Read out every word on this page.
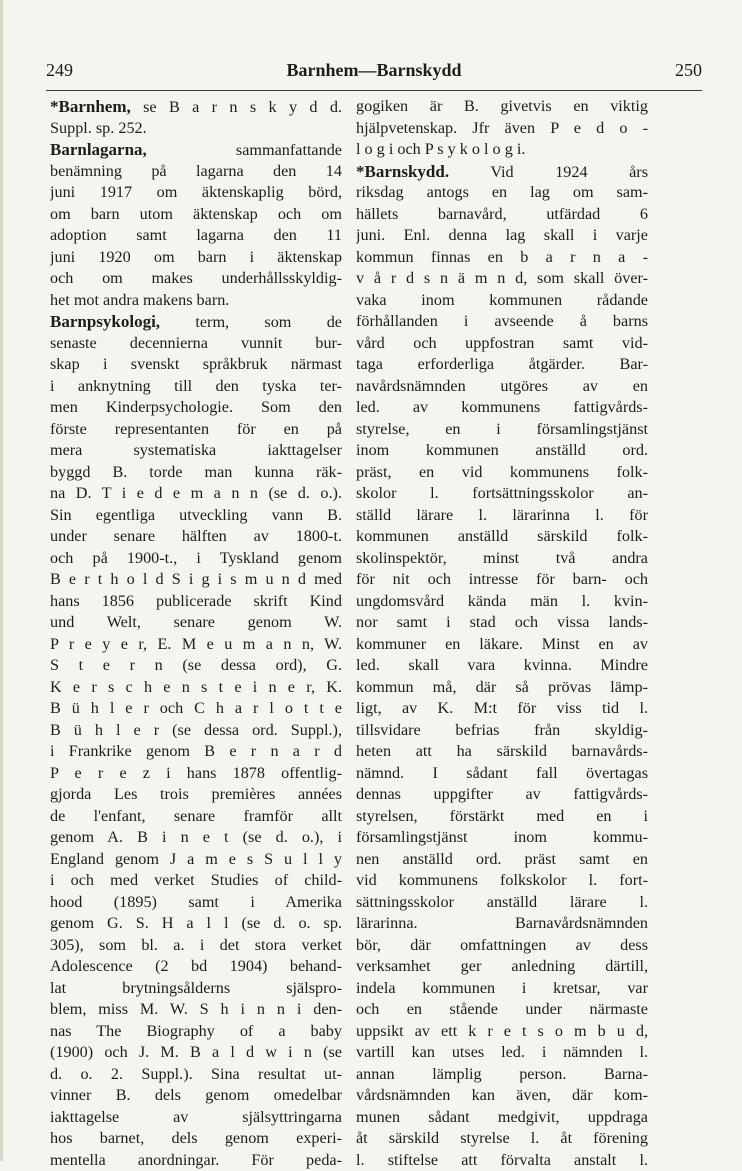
249	Barnhem—Barnskydd	250
*Barnhem, se B a r n s k y d d.
Suppl. sp. 252.
Barnlagarna, sammanfattande
benämning på lagarna den 14
juni 1917 om äktenskaplig börd,
om barn utom äktenskap och om
adoption samt lagarna den 11
juni 1920 om barn i äktenskap
och om makes underhållsskyldig-
het mot andra makens barn.
Barnpsykologi, term, som de
senaste decennierna vunnit bur-
skap i svenskt språkbruk närmast
i anknytning till den tyska ter-
men Kinderpsychologie. Som den
förste representanten för en på
mera systematiska iakttagelser
byggd B. torde man kunna räk-
na D. T i e d e m a n n (se d. o.).
Sin egentliga utveckling vann B.
under senare hälften av 1800-t.
och på 1900-t., i Tyskland genom
B e r t h o l d S i g i s m u n d med
hans 1856 publicerade skrift Kind
und Welt, senare genom W.
P r e y e r, E. M e u m a n n, W.
S t e r n (se dessa ord), G.
K e r s c h e n s t e i n e r, K.
B ü h l e r och C h a r l o t t e
B ü h l e r (se dessa ord. Suppl.),
i Frankrike genom B e r n a r d
P e r e z i hans 1878 offentlig-
gjorda Les trois premières années
de l'enfant, senare framför allt
genom A. B i n e t (se d. o.), i
England genom J a m e s S u l l y
i och med verket Studies of child-
hood (1895) samt i Amerika
genom G. S. H a l l (se d. o. sp.
305), som bl. a. i det stora verket
Adolescence (2 bd 1904) behand-
lat brytningsålderns själspro-
blem, miss M. W. S h i n n i den-
nas The Biography of a baby
(1900) och J. M. B a l d w i n (se
d. o. 2. Suppl.). Sina resultat ut-
vinner B. dels genom omedelbar
iakttagelse av själsyttringarna
hos barnet, dels genom experi-
mentella anordningar. För peda-
gogiken är B. givetvis en viktig
hjälpvetenskap. Jfr även P e d o -
l o g i och P s y k o l o g i.
*Barnskydd. Vid 1924 års
riksdag antogs en lag om sam-
hällets barnavård, utfärdad 6
juni. Enl. denna lag skall i varje
kommun finnas en b a r n a -
v å r d s n ä m n d, som skall över-
vaka inom kommunen rådande
förhållanden i avseende å barns
vård och uppfostran samt vid-
taga erforderliga åtgärder. Bar-
navårdsnämnden utgöres av en
led. av kommunens fattigvårds-
styrelse, en i församlingstjänst
inom kommunen anställd ord.
präst, en vid kommunens folk-
skolor l. fortsättningsskolor an-
ställd lärare l. lärarinna l. för
kommunen anställd särskild folk-
skolinspektör, minst två andra
för nit och intresse för barn- och
ungdomsvård kända män l. kvin-
nor samt i stad och vissa lands-
kommuner en läkare. Minst en av
led. skall vara kvinna. Mindre
kommun må, där så prövas lämp-
ligt, av K. M:t för viss tid l.
tillsvidare befrias från skyldig-
heten att ha särskild barnavårds-
nämnd. I sådant fall övertagas
dennas uppgifter av fattigvårds-
styrelsen, förstärkt med en i
församlingstjänst inom kommu-
nen anställd ord. präst samt en
vid kommunens folkskolor l. fort-
sättningsskolor anställd lärare l.
lärarinna. Barnavårdsnämnden
bör, där omfattningen av dess
verksamhet ger anledning därtill,
indela kommunen i kretsar, var
och en stående under närmaste
uppsikt av ett k r e t s o m b u d,
vartill kan utses led. i nämnden l.
annan lämplig person. Barna-
vårdsnämnden kan även, där kom-
munen sådant medgivit, uppdraga
åt särskild styrelse l. åt förening
l. stiftelse att förvalta anstalt l.
